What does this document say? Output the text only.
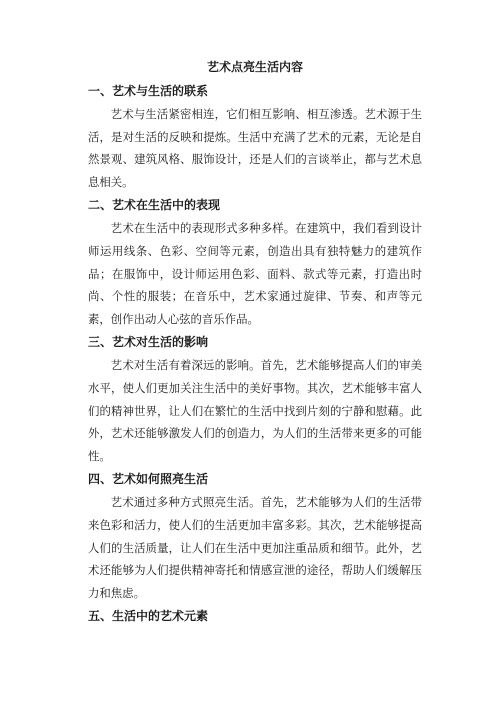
艺术点亮生活内容
一、艺术与生活的联系
艺术与生活紧密相连，它们相互影响、相互渗透。艺术源于生活，是对生活的反映和提炼。生活中充满了艺术的元素，无论是自然景观、建筑风格、服饰设计，还是人们的言谈举止，都与艺术息息相关。
二、艺术在生活中的表现
艺术在生活中的表现形式多种多样。在建筑中，我们看到设计师运用线条、色彩、空间等元素，创造出具有独特魅力的建筑作品；在服饰中，设计师运用色彩、面料、款式等元素，打造出时尚、个性的服装；在音乐中，艺术家通过旋律、节奏、和声等元素，创作出动人心弦的音乐作品。
三、艺术对生活的影响
艺术对生活有着深远的影响。首先，艺术能够提高人们的审美水平，使人们更加关注生活中的美好事物。其次，艺术能够丰富人们的精神世界，让人们在繁忙的生活中找到片刻的宁静和慰藉。此外，艺术还能够激发人们的创造力，为人们的生活带来更多的可能性。
四、艺术如何照亮生活
艺术通过多种方式照亮生活。首先，艺术能够为人们的生活带来色彩和活力，使人们的生活更加丰富多彩。其次，艺术能够提高人们的生活质量，让人们在生活中更加注重品质和细节。此外，艺术还能够为人们提供精神寄托和情感宣泄的途径，帮助人们缓解压力和焦虑。
五、生活中的艺术元素
